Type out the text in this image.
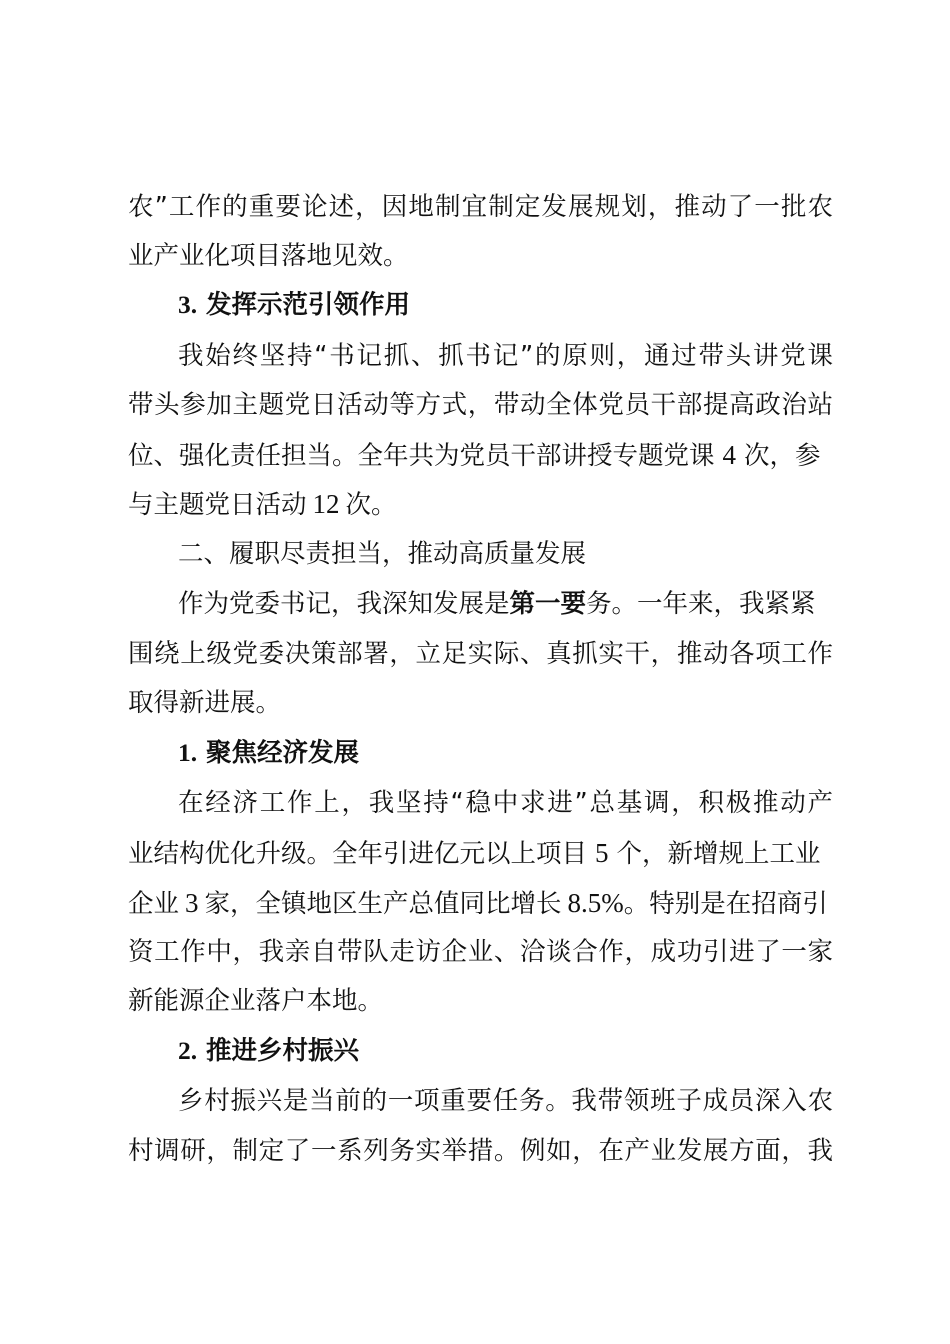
农”工作的重要论述，因地制宜制定发展规划，推动了一批农
业产业化项目落地见效。
3. 发挥示范引领作用
我始终坚持“书记抓、抓书记”的原则，通过带头讲党课
带头参加主题党日活动等方式，带动全体党员干部提高政治站
位、强化责任担当。全年共为党员干部讲授专题党课 4 次，参
与主题党日活动 12 次。
二、履职尽责担当，推动高质量发展
作为党委书记，我深知发展是第一要务。一年来，我紧紧
围绕上级党委决策部署，立足实际、真抓实干，推动各项工作
取得新进展。
1. 聚焦经济发展
在经济工作上，我坚持“稳中求进”总基调，积极推动产
业结构优化升级。全年引进亿元以上项目 5 个，新增规上工业
企业 3 家，全镇地区生产总值同比增长 8.5%。特别是在招商引
资工作中，我亲自带队走访企业、洽谈合作，成功引进了一家
新能源企业落户本地。
2. 推进乡村振兴
乡村振兴是当前的一项重要任务。我带领班子成员深入农
村调研，制定了一系列务实举措。例如，在产业发展方面，我
